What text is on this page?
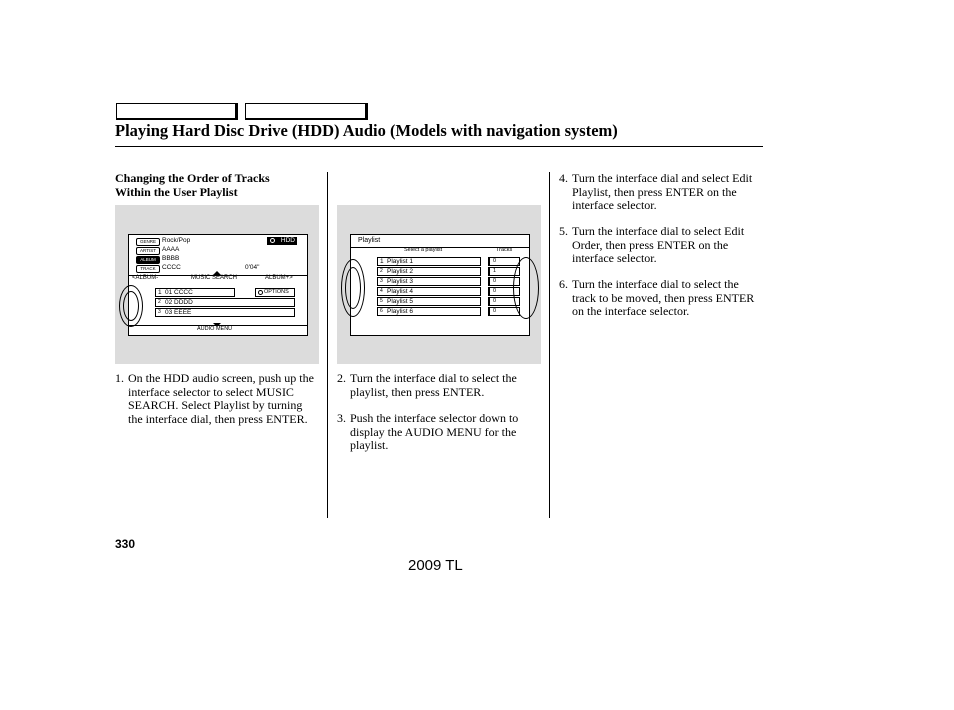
Playing Hard Disc Drive (HDD) Audio (Models with navigation system)
Changing the Order of Tracks
Within the User Playlist
GENRE Rock/Pop
ARTIST AAAA
ALBUM BBBB
TRACK CCCC
HDD
0'04"
<ALBUM-	MUSIC SEARCH	ALBUM+>
1 01 CCCC	OPTIONS
2 02 DDDD
3 03 EEEE
AUDIO MENU
Playlist
Select a playlist	Tracks
1 Playlist 1	0
2 Playlist 2	1
3 Playlist 3	0
4 Playlist 4	0
5 Playlist 5	0
6 Playlist 6	0
1. On the HDD audio screen, push up the interface selector to select MUSIC SEARCH. Select Playlist by turning the interface dial, then press ENTER.
2. Turn the interface dial to select the playlist, then press ENTER.
3. Push the interface selector down to display the AUDIO MENU for the playlist.
4. Turn the interface dial and select Edit Playlist, then press ENTER on the interface selector.
5. Turn the interface dial to select Edit Order, then press ENTER on the interface selector.
6. Turn the interface dial to select the track to be moved, then press ENTER on the interface selector.
330
2009 TL
